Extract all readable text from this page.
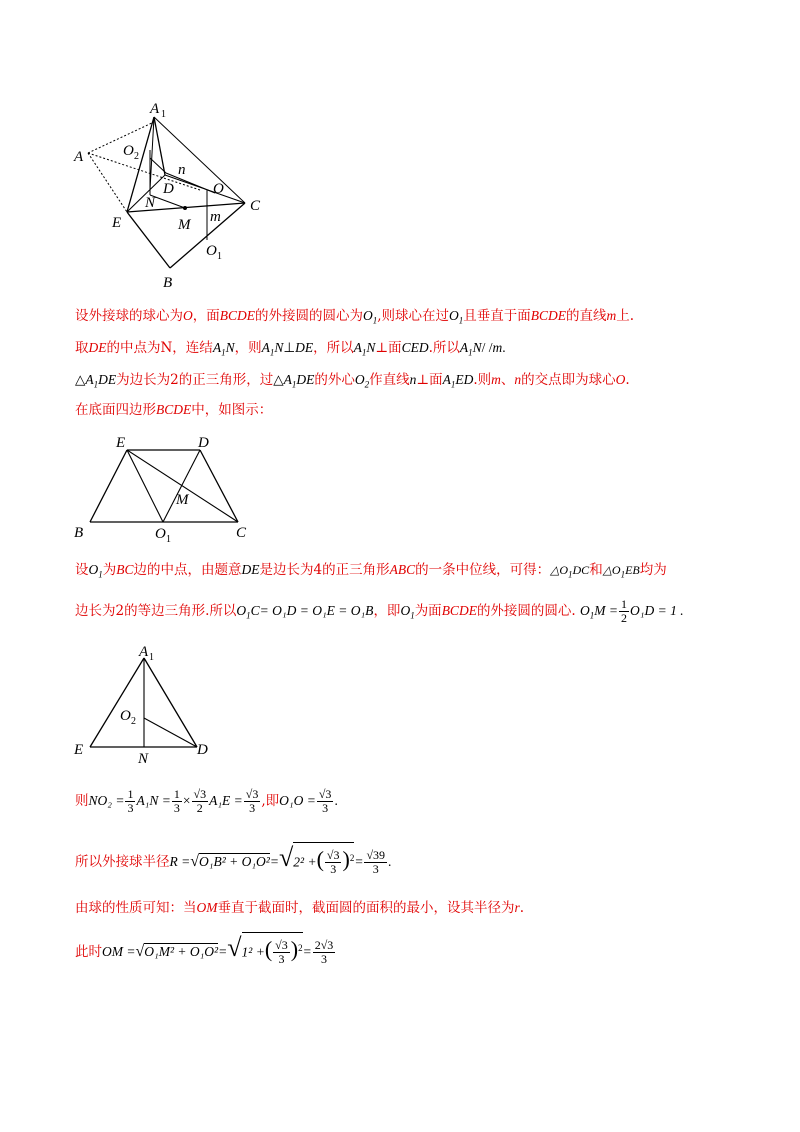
A 1
O 2
A
n
D	O
N	C
E	M m
O 1
B
设外接球的球心为O，面BCDE的外接圆的圆心为$O_1$,则球心在过$O_1$且垂直于面BCDE的直线m上.
取DE的中点为N，连结$A_1N$，则$A_1N\perp DE$，所以$A_1N\perp$面CED.所以$A_1N/$ /m.
$\triangle A_1DE$为边长为2的正三角形，过$\triangle A_1DE$的外心$O_2$作直线n⊥面$A_1ED$.则m、n的交点即为球心O.
在底面四边形BCDE中，如图示：
E	D
M
B	O 1	C
设$O_1$为BC边的中点，由题意DE是边长为4的正三角形ABC的一条中位线，可得：$\triangle O_1DC$和$\triangle O_1EB$均为
边长为2的等边三角形.所以$O_1C= O_1D = O_1E = O_1B$，即$O_1$为面BCDE的外接圆的圆心. $O_1M = \frac{1}{2} O_1D = 1$ .
A 1
O 2
E
N
D
则$NO_2 = \frac{1}{3} A_1N = \frac{1}{3} \times \frac{√3}{2} A_1E = \frac{√3}{3}$ ,即$O_1O = \frac{√3}{3}$ .
所以外接球半径R =√O₁B² + O₁O²=√2² +( $\frac{√3}{3} )^2= \frac{√39}{3}$ .
由球的性质可知：当OM垂直于截面时，截面圆的面积的最小，设其半径为r.
此时OM =√O₁M² + O₁O²=√1² +( $\frac{√3}{3} )^2= \frac{2√3}{3}$
